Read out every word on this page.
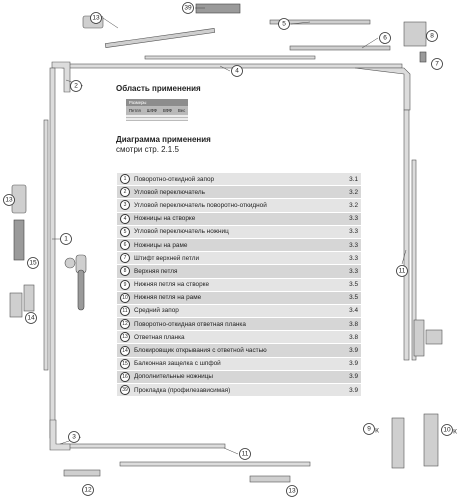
13
39
5
6	8
7
2
4
1
13
15
14
11
9 К	10 К
3
11
12	13
Область применения
Размеры			
Петля	ШФФ	ВФФ	Вес

Диаграмма применения
смотри стр. 2.1.5
1	Поворотно-откидной запор	3.1
2	Угловой переключатель	3.2
3	Угловой переключатель поворотно-откидной	3.2
4	Ножницы на створке	3.3
5	Угловой переключатель ножниц	3.3
6	Ножницы на раме	3.3
7	Штифт верхней петли	3.3
8	Верхняя петля	3.3
9	Нижняя петля на створке	3.5
10 Нижняя петля на раме	3.5
11	Средний запор	3.4
12 Поворотно-откидная ответная планка	3.8
13 Ответная планка	3.8
14 Блокировщик открывания с ответной частью	3.9
15 Балконная защелка с шпфой	3.9
16 Дополнительные ножницы	3.9
39 Прокладка (профилезависимая)	3.9
